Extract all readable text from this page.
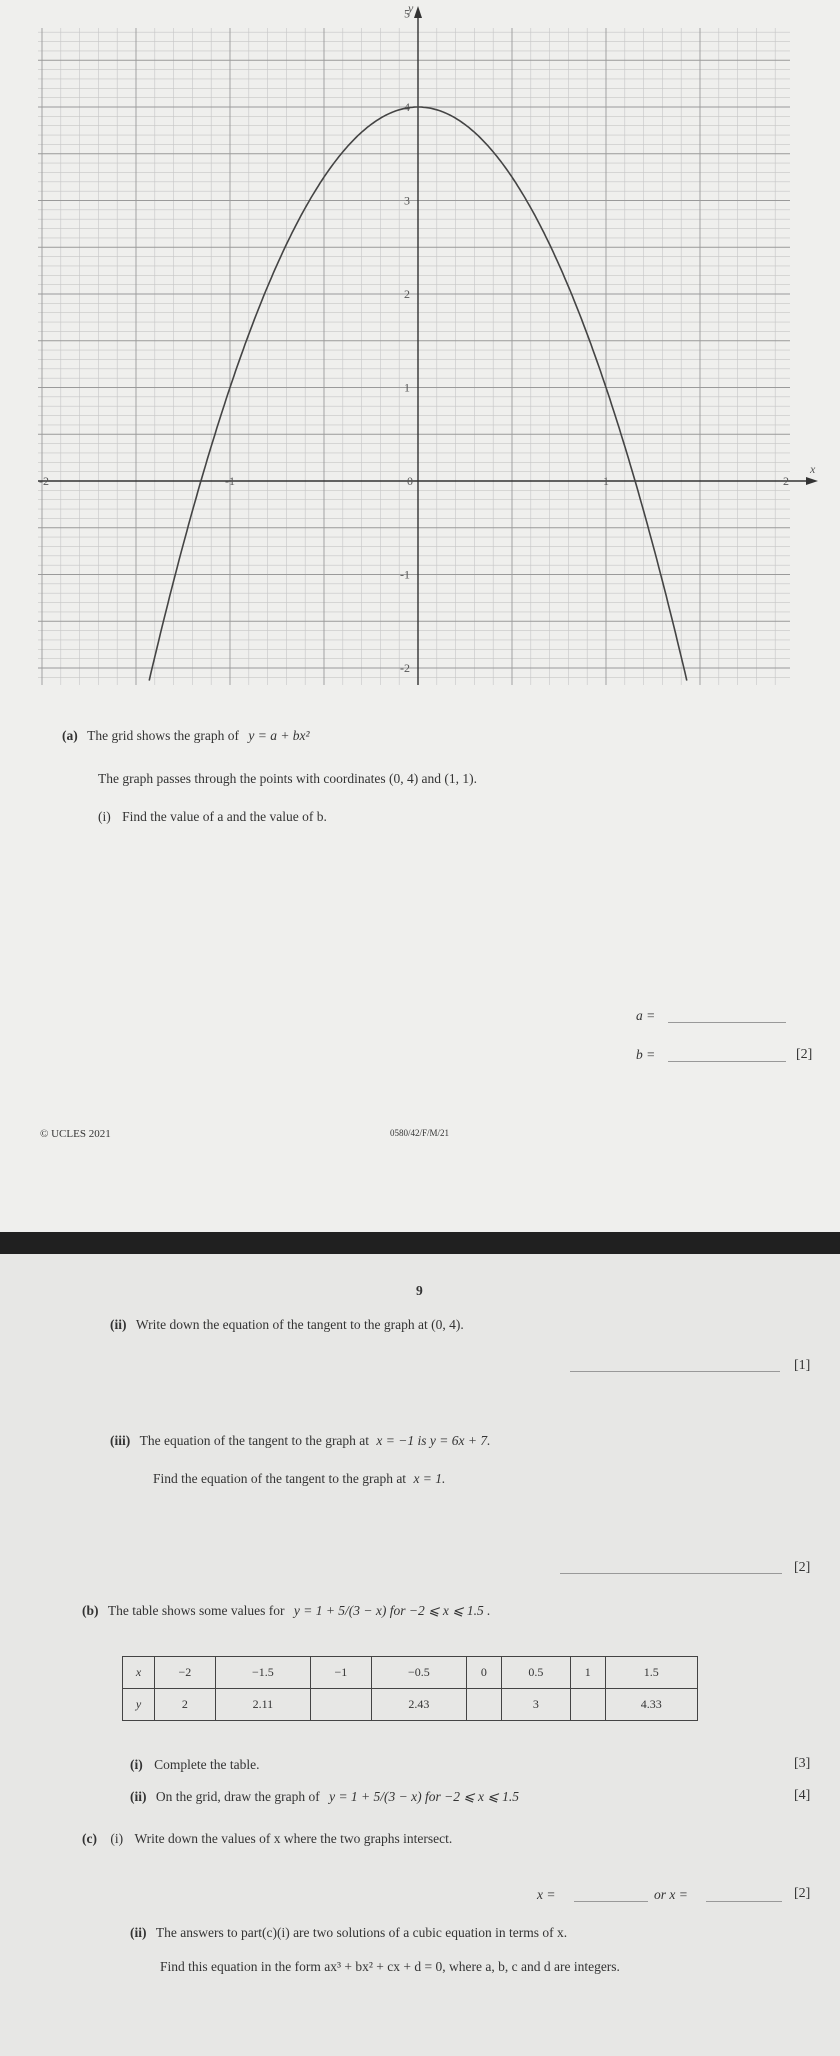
y
x
-2	-1	0	1	2
5
4
3
2
1
-1
-2
(a) The grid shows the graph of y = a + bx²
The graph passes through the points with coordinates (0, 4) and (1, 1).
(i) Find the value of a and the value of b.
a =
b =	[2]
© UCLES 2021	0580/42/F/M/21
9
(ii) Write down the equation of the tangent to the graph at (0, 4).
[1]
(iii) The equation of the tangent to the graph at x = −1 is y = 6x + 7.
Find the equation of the tangent to the graph at x = 1.
[2]
(b) The table shows some values for y = 1 + 5/(3 − x) for −2 ⩽ x ⩽ 1.5 .
x	−2	−1.5	−1	−0.5	0	0.5	1	1.5
y	2	2.11		2.43		3		4.33
(i) Complete the table.	[3]
(ii) On the grid, draw the graph of y = 1 + 5/(3 − x) for −2 ⩽ x ⩽ 1.5	[4]
(c) (i) Write down the values of x where the two graphs intersect.
x =	or x =	[2]
(ii) The answers to part(c)(i) are two solutions of a cubic equation in terms of x.
Find this equation in the form ax³ + bx² + cx + d = 0, where a, b, c and d are integers.
